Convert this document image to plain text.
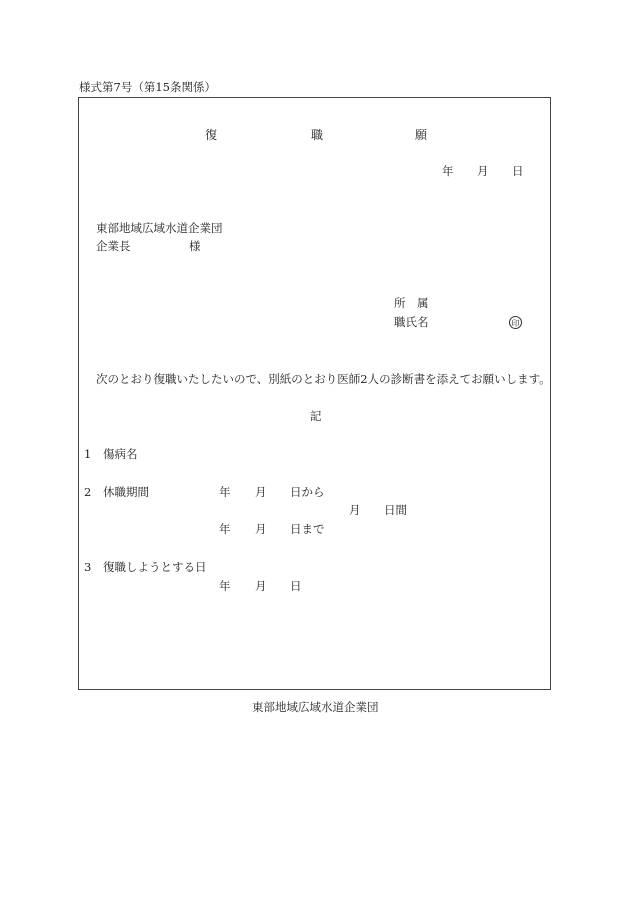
様式第7号（第15条関係）
復	職	願
年 月 日
東部地域広域水道企業団
企業長	様
所　属
職氏名	印
次のとおり復職いたしたいので、別紙のとおり医師2人の診断書を添えてお願いします。
記
1 傷病名
2 休職期間	年 月 日から
月 日間
年 月 日まで
3 復職しようとする日
年 月 日
東部地域広域水道企業団
